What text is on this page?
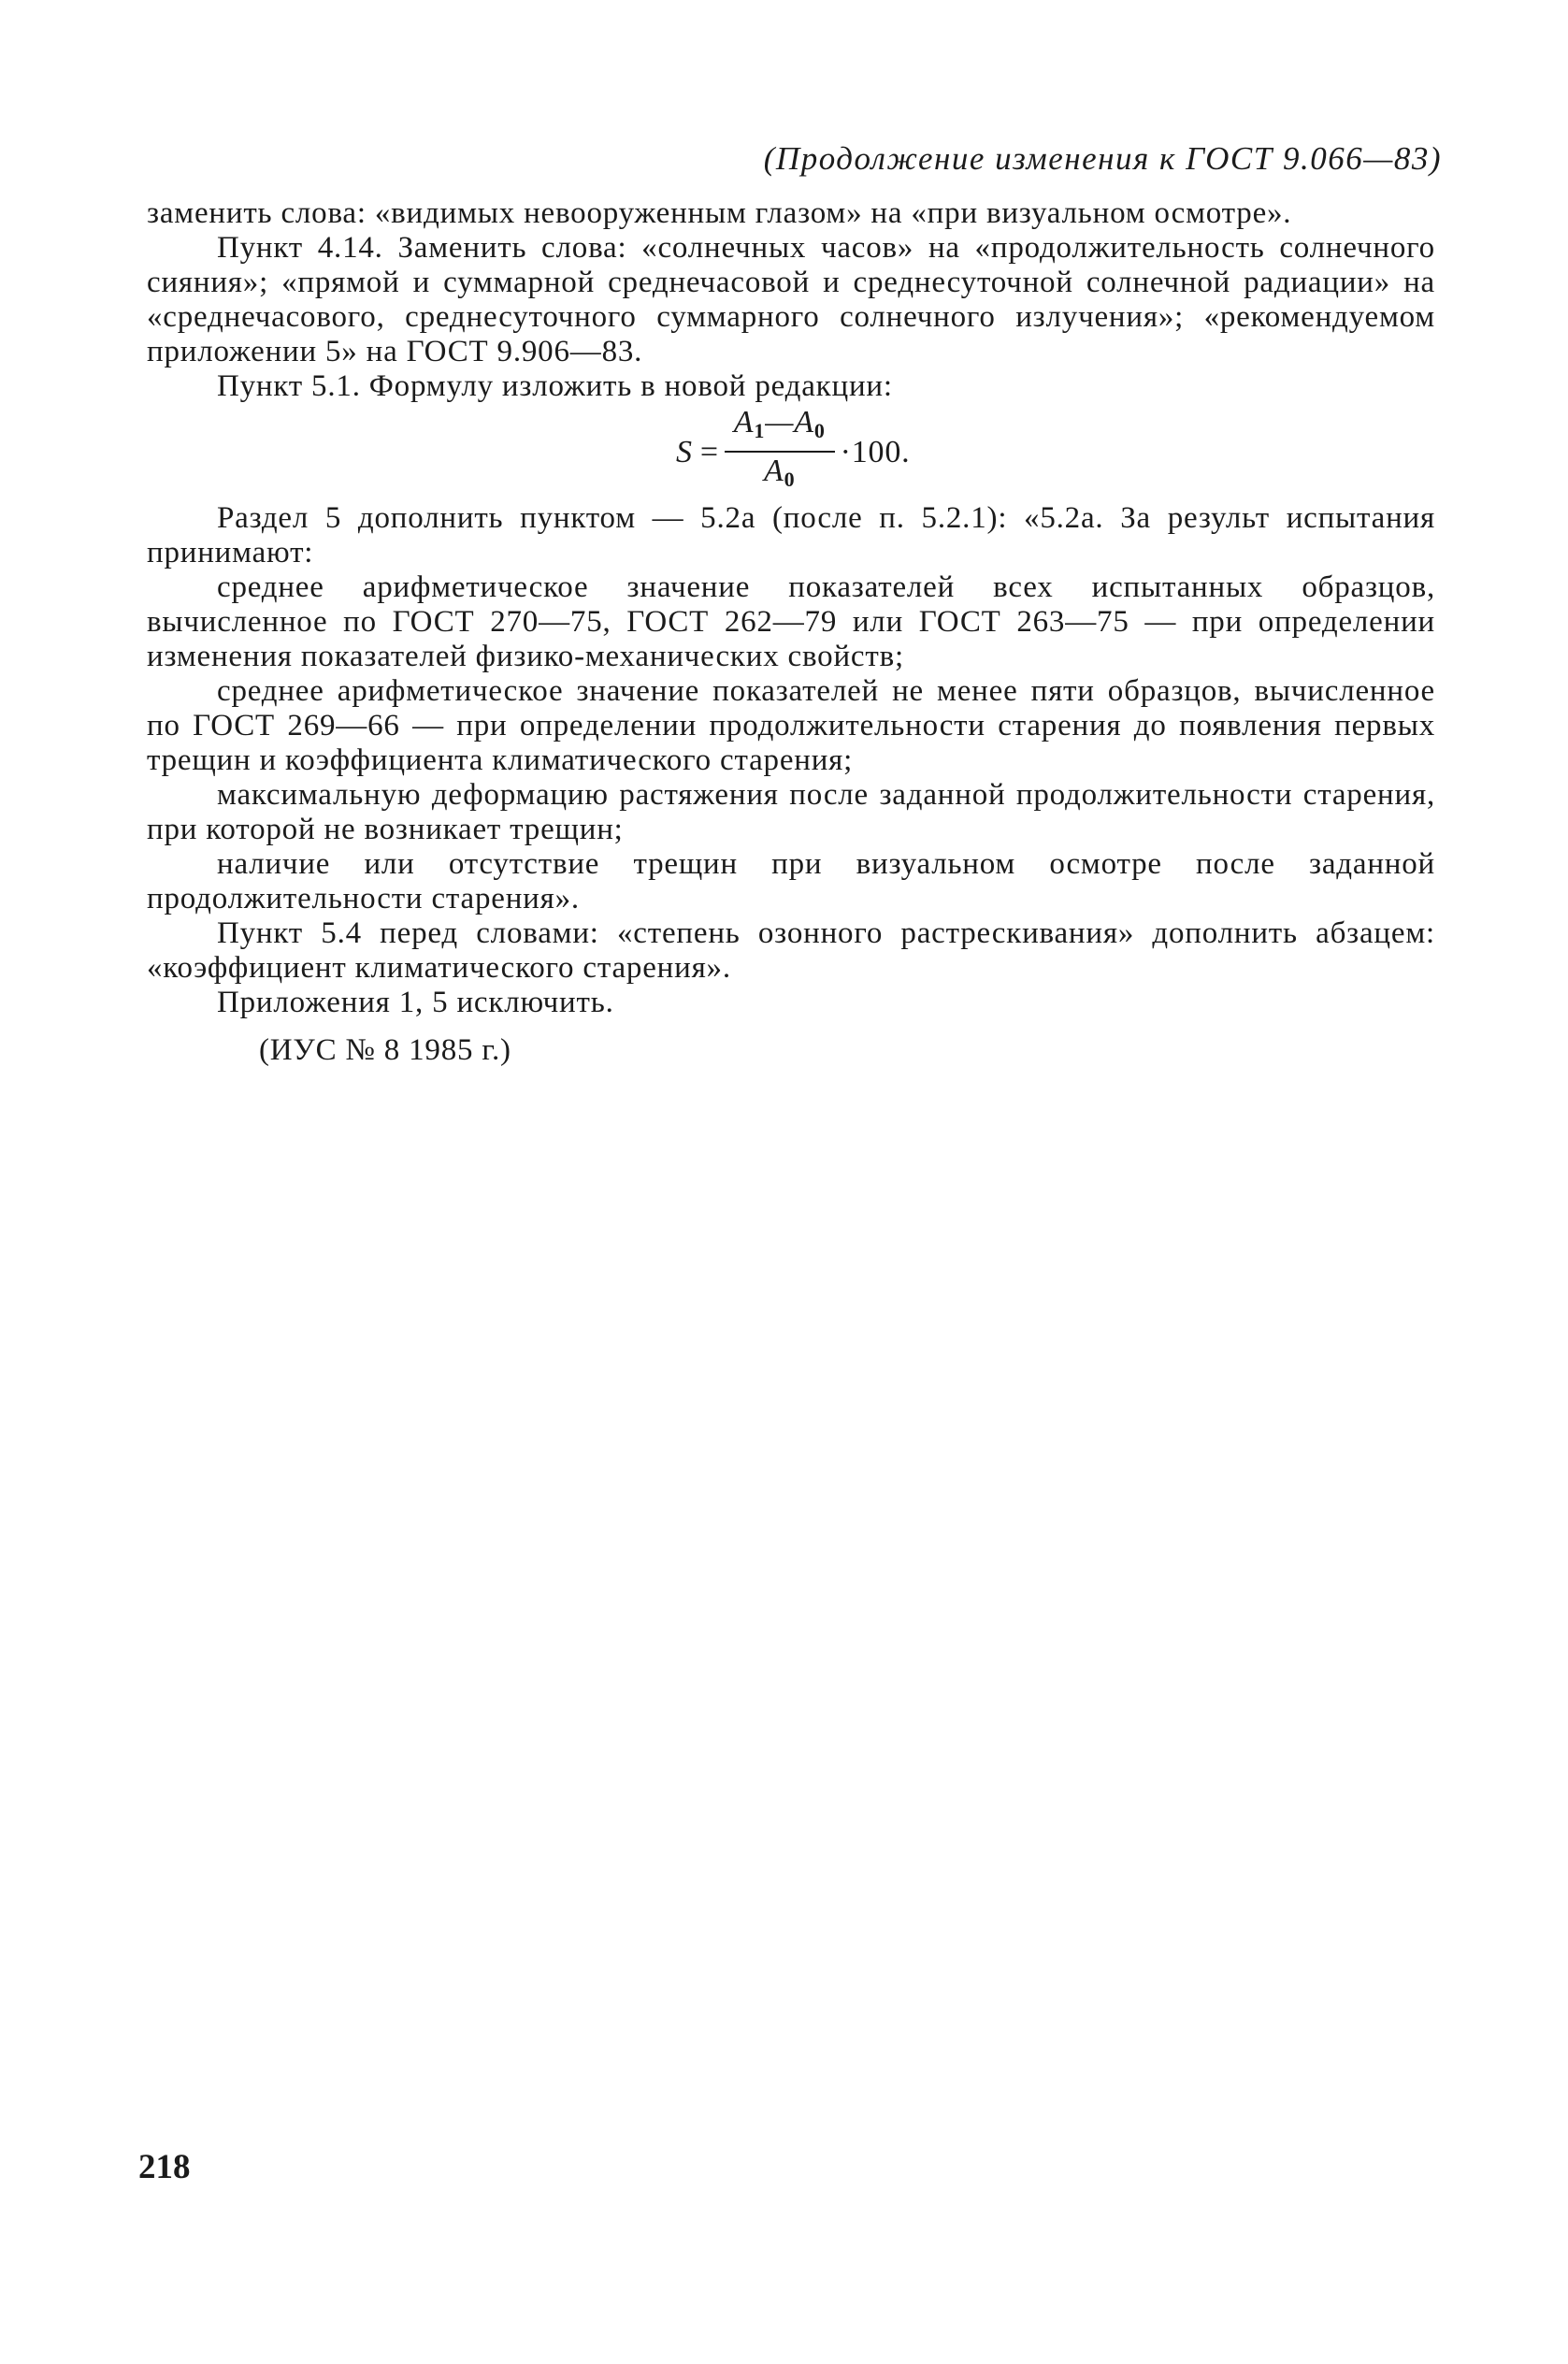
(Продолжение изменения к ГОСТ 9.066—83)

заменить слова: «видимых невооруженным глазом» на «при визуальном осмотре».

Пункт 4.14. Заменить слова: «солнечных часов» на «продолжительность солнечного сияния»; «прямой и суммарной среднечасовой и среднесуточной солнечной радиации» на «среднечасового, среднесуточного суммарного солнечного излучения»; «рекомендуемом приложении 5» на ГОСТ 9.906—83.

Пункт 5.1. Формулу изложить в новой редакции:

$S = \frac{A_1—A_0}{A_0} \cdot 100$.

Раздел 5 дополнить пунктом — 5.2а (после п. 5.2.1): «5.2а. За результ испытания принимают:

среднее арифметическое значение показателей всех испытанных образцов, вычисленное по ГОСТ 270—75, ГОСТ 262—79 или ГОСТ 263—75 — при определении изменения показателей физико-механических свойств;

среднее арифметическое значение показателей не менее пяти образцов, вычисленное по ГОСТ 269—66 — при определении продолжительности старения до появления первых трещин и коэффициента климатического старения;

максимальную деформацию растяжения после заданной продолжительности старения, при которой не возникает трещин;

наличие или отсутствие трещин при визуальном осмотре после заданной продолжительности старения».

Пункт 5.4 перед словами: «степень озонного растрескивания» дополнить абзацем: «коэффициент климатического старения».

Приложения 1, 5 исключить.

(ИУС № 8 1985 г.)

218
